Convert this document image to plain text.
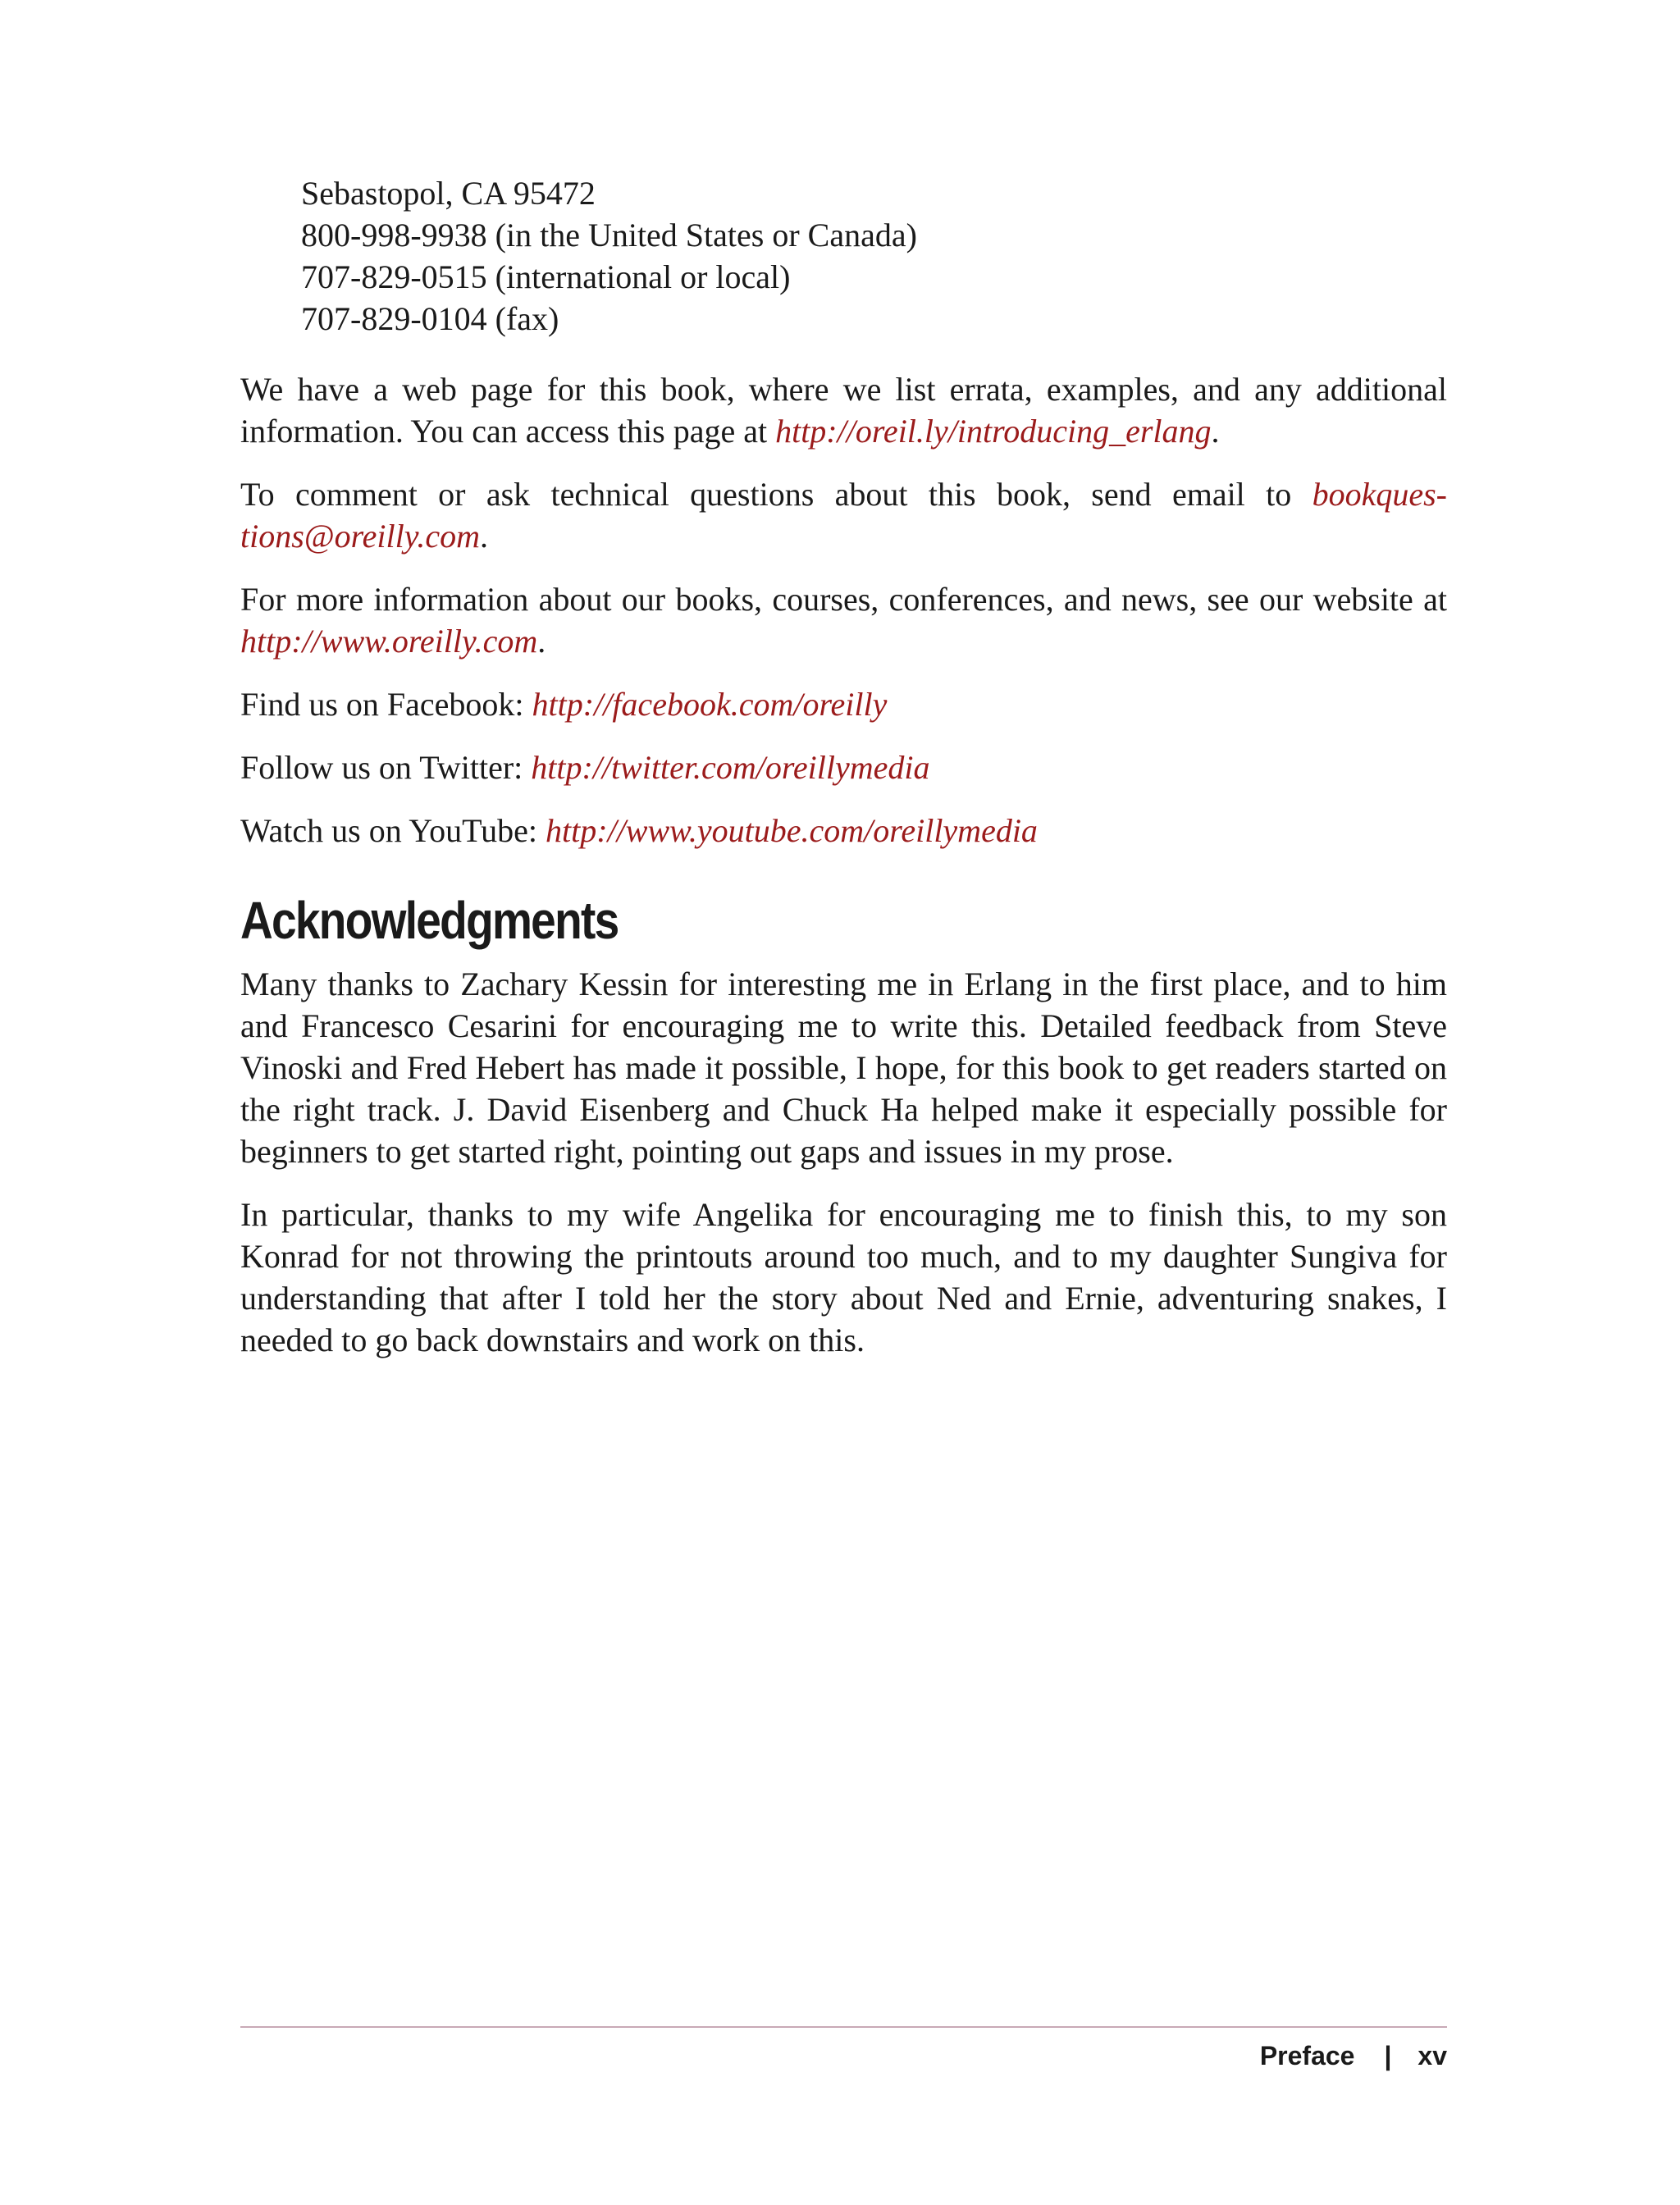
Sebastopol, CA 95472
800-998-9938 (in the United States or Canada)
707-829-0515 (international or local)
707-829-0104 (fax)

We have a web page for this book, where we list errata, examples, and any additional information. You can access this page at http://oreil.ly/introducing_erlang.

To comment or ask technical questions about this book, send email to bookquestions@oreilly.com.

For more information about our books, courses, conferences, and news, see our website at http://www.oreilly.com.

Find us on Facebook: http://facebook.com/oreilly

Follow us on Twitter: http://twitter.com/oreillymedia

Watch us on YouTube: http://www.youtube.com/oreillymedia

Acknowledgments

Many thanks to Zachary Kessin for interesting me in Erlang in the first place, and to him and Francesco Cesarini for encouraging me to write this. Detailed feedback from Steve Vinoski and Fred Hebert has made it possible, I hope, for this book to get readers started on the right track. J. David Eisenberg and Chuck Ha helped make it especially possible for beginners to get started right, pointing out gaps and issues in my prose.

In particular, thanks to my wife Angelika for encouraging me to finish this, to my son Konrad for not throwing the printouts around too much, and to my daughter Sungiva for understanding that after I told her the story about Ned and Ernie, adventuring snakes, I needed to go back downstairs and work on this.

Preface | xv
